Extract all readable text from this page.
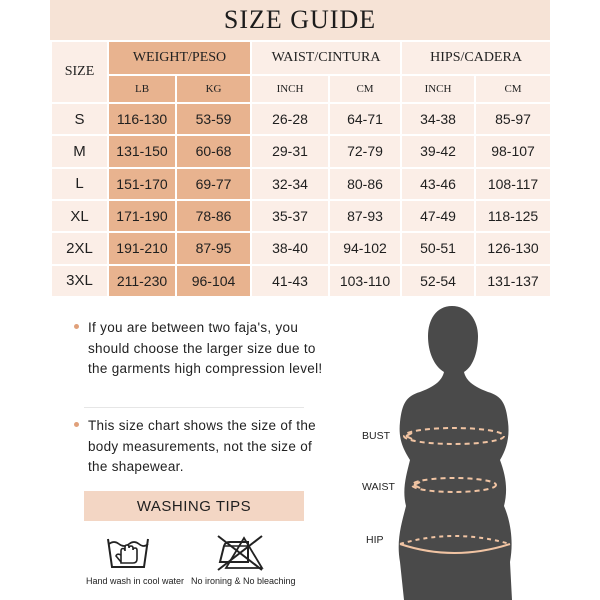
SIZE GUIDE
SIZE	WEIGHT/PESO		WAIST/CINTURA		HIPS/CADERA	
	LB	KG	INCH	CM	INCH	CM
S	116-130	53-59	26-28	64-71	34-38	85-97
M	131-150	60-68	29-31	72-79	39-42	98-107
L	151-170	69-77	32-34	80-86	43-46	108-117
XL	171-190	78-86	35-37	87-93	47-49	118-125
2XL	191-210	87-95	38-40	94-102	50-51	126-130
3XL	211-230	96-104	41-43	103-110	52-54	131-137
If you are between two faja's, you should choose the larger size due to the garments high compression level!
This size chart shows the size of the body measurements, not the size of the shapewear.
WASHING TIPS
Hand wash in cool water No ironing & No bleaching
BUST
WAIST
HIP
